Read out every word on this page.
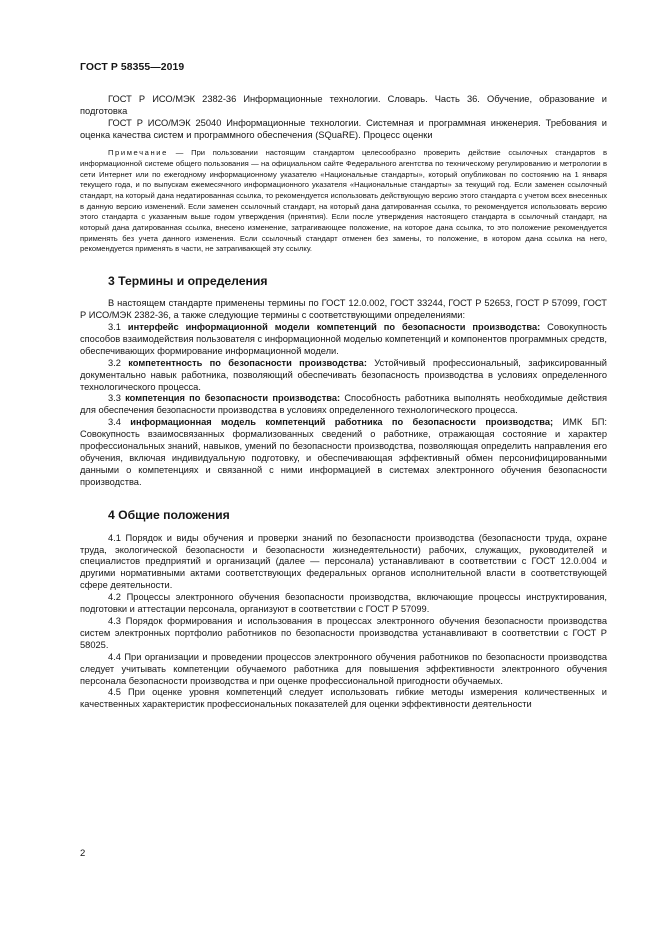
ГОСТ Р 58355—2019

ГОСТ Р ИСО/МЭК 2382-36 Информационные технологии. Словарь. Часть 36. Обучение, образование и подготовка

ГОСТ Р ИСО/МЭК 25040 Информационные технологии. Системная и программная инженерия. Требования и оценка качества систем и программного обеспечения (SQuaRE). Процесс оценки

Примечание — При пользовании настоящим стандартом целесообразно проверить действие ссылочных стандартов в информационной системе общего пользования — на официальном сайте Федерального агентства по техническому регулированию и метрологии в сети Интернет или по ежегодному информационному указателю «Национальные стандарты», который опубликован по состоянию на 1 января текущего года, и по выпускам ежемесячного информационного указателя «Национальные стандарты» за текущий год. Если заменен ссылочный стандарт, на который дана недатированная ссылка, то рекомендуется использовать действующую версию этого стандарта с учетом всех внесенных в данную версию изменений. Если заменен ссылочный стандарт, на который дана датированная ссылка, то рекомендуется использовать версию этого стандарта с указанным выше годом утверждения (принятия). Если после утверждения настоящего стандарта в ссылочный стандарт, на который дана датированная ссылка, внесено изменение, затрагивающее положение, на которое дана ссылка, то это положение рекомендуется применять без учета данного изменения. Если ссылочный стандарт отменен без замены, то положение, в котором дана ссылка на него, рекомендуется применять в части, не затрагивающей эту ссылку.
3 Термины и определения

В настоящем стандарте применены термины по ГОСТ 12.0.002, ГОСТ 33244, ГОСТ Р 52653, ГОСТ Р 57099, ГОСТ Р ИСО/МЭК 2382-36, а также следующие термины с соответствующими определениями:

3.1 интерфейс информационной модели компетенций по безопасности производства: Совокупность способов взаимодействия пользователя с информационной моделью компетенций и компонентов программных средств, обеспечивающих формирование информационной модели.

3.2 компетентность по безопасности производства: Устойчивый профессиональный, зафиксированный документально навык работника, позволяющий обеспечивать безопасность производства в условиях определенного технологического процесса.

3.3 компетенция по безопасности производства: Способность работника выполнять необходимые действия для обеспечения безопасности производства в условиях определенного технологического процесса.

3.4 информационная модель компетенций работника по безопасности производства; ИМК БП: Совокупность взаимосвязанных формализованных сведений о работнике, отражающая состояние и характер профессиональных знаний, навыков, умений по безопасности производства, позволяющая определить направления его обучения, включая индивидуальную подготовку, и обеспечивающая эффективный обмен персонифицированными данными о компетенциях и связанной с ними информацией в системах электронного обучения безопасности производства.

4 Общие положения

4.1 Порядок и виды обучения и проверки знаний по безопасности производства (безопасности труда, охране труда, экологической безопасности и безопасности жизнедеятельности) рабочих, служащих, руководителей и специалистов предприятий и организаций (далее — персонала) устанавливают в соответствии с ГОСТ 12.0.004 и другими нормативными актами соответствующих федеральных органов исполнительной власти в соответствующей сфере деятельности.

4.2 Процессы электронного обучения безопасности производства, включающие процессы инструктирования, подготовки и аттестации персонала, организуют в соответствии с ГОСТ Р 57099.

4.3 Порядок формирования и использования в процессах электронного обучения безопасности производства систем электронных портфолио работников по безопасности производства устанавливают в соответствии с ГОСТ Р 58025.

4.4 При организации и проведении процессов электронного обучения работников по безопасности производства следует учитывать компетенции обучаемого работника для повышения эффективности электронного обучения персонала безопасности производства и при оценке профессиональной пригодности обучаемых.

4.5 При оценке уровня компетенций следует использовать гибкие методы измерения количественных и качественных характеристик профессиональных показателей для оценки эффективности деятельности

2
